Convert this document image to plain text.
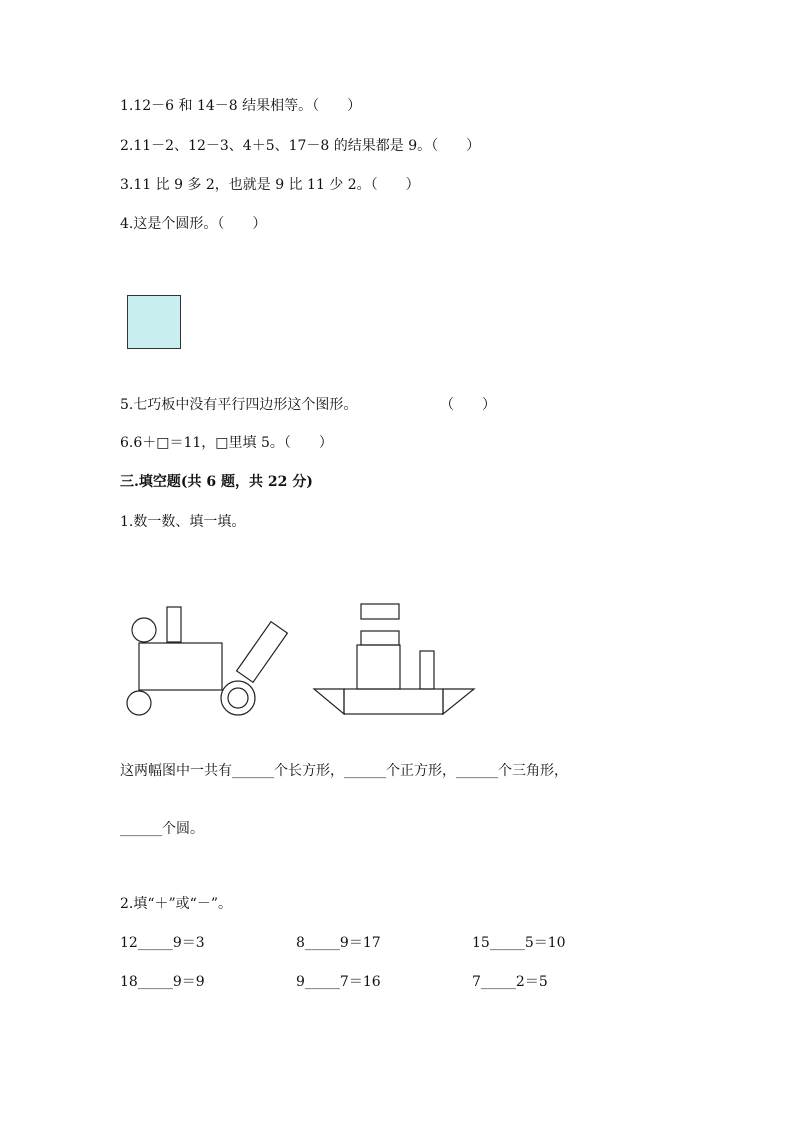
1.12－6 和 14－8 结果相等。（　　）
2.11－2、12－3、4＋5、17－8 的结果都是 9。（　　）
3.11 比 9 多 2，也就是 9 比 11 少 2。（　　）
4.这是个圆形。（　　）
5.七巧板中没有平行四边形这个图形。	（　　）
6.6＋□＝11，□里填 5。（　　）
三.填空题(共 6 题，共 22 分)
1.数一数、填一填。
这两幅图中一共有______个长方形，______个正方形，______个三角形，
______个圆。
2.填“＋”或“－”。
12_____9＝3	8_____9＝17	15_____5＝10
18_____9＝9	9_____7＝16	7_____2＝5
